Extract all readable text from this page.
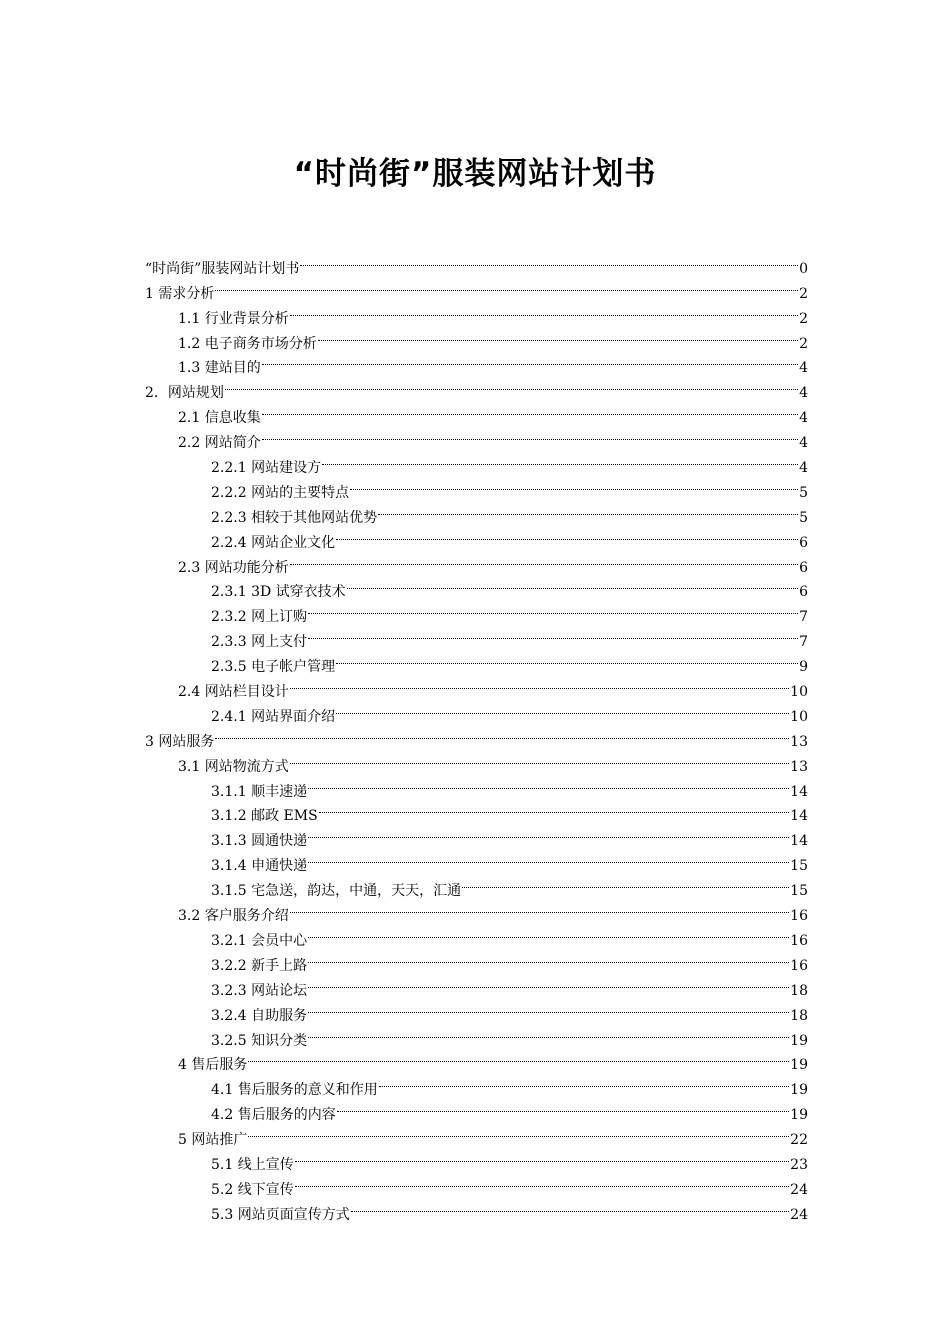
“时尚街”服装网站计划书
“时尚街”服装网站计划书	0
1 需求分析	2
1.1 行业背景分析	2
1.2 电子商务市场分析	2
1.3 建站目的	4
2．网站规划	4
2.1 信息收集	4
2.2 网站简介	4
2.2.1 网站建设方	4
2.2.2 网站的主要特点	5
2.2.3 相较于其他网站优势	5
2.2.4 网站企业文化	6
2.3 网站功能分析	6
2.3.1 3D 试穿衣技术	6
2.3.2 网上订购	7
2.3.3 网上支付	7
2.3.5 电子帐户管理	9
2.4 网站栏目设计	10
2.4.1 网站界面介绍	10
3 网站服务	13
3.1 网站物流方式	13
3.1.1 顺丰速递	14
3.1.2 邮政 EMS	14
3.1.3 圆通快递	14
3.1.4 申通快递	15
3.1.5 宅急送，韵达，中通，天天，汇通	15
3.2 客户服务介绍	16
3.2.1 会员中心	16
3.2.2 新手上路	16
3.2.3 网站论坛	18
3.2.4 自助服务	18
3.2.5 知识分类	19
4 售后服务	19
4.1 售后服务的意义和作用	19
4.2 售后服务的内容	19
5 网站推广	22
5.1 线上宣传	23
5.2 线下宣传	24
5.3 网站页面宣传方式	24
